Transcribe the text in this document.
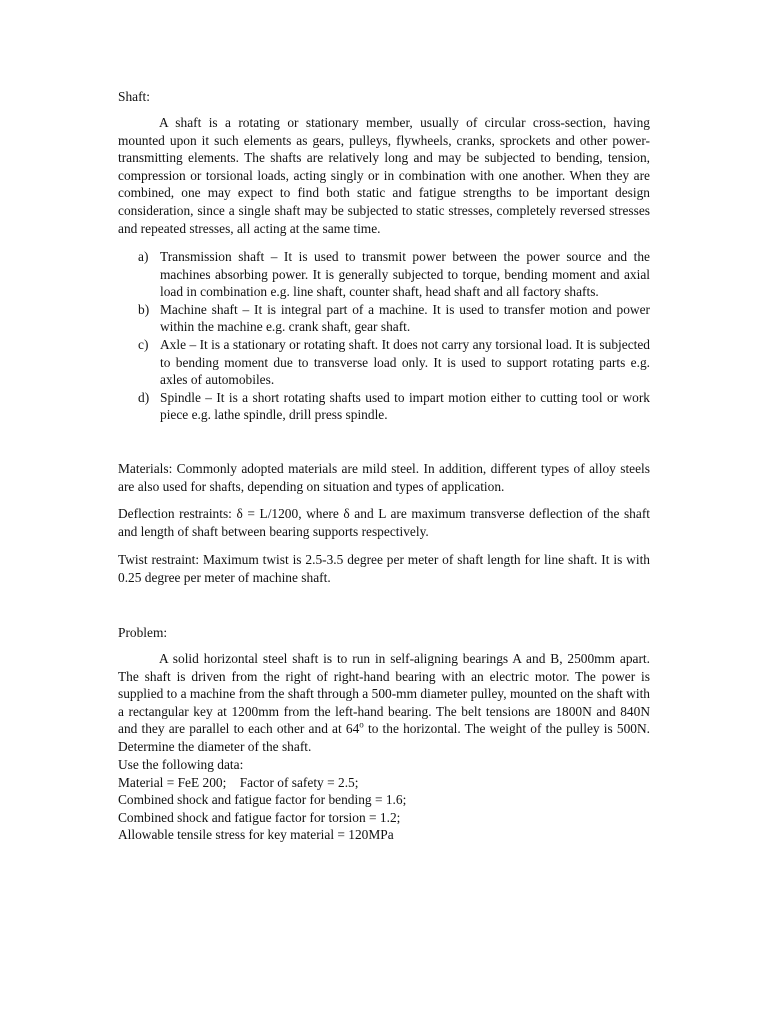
Shaft:

A shaft is a rotating or stationary member, usually of circular cross-section, having mounted upon it such elements as gears, pulleys, flywheels, cranks, sprockets and other power-transmitting elements. The shafts are relatively long and may be subjected to bending, tension, compression or torsional loads, acting singly or in combination with one another. When they are combined, one may expect to find both static and fatigue strengths to be important design consideration, since a single shaft may be subjected to static stresses, completely reversed stresses and repeated stresses, all acting at the same time.

a) Transmission shaft – It is used to transmit power between the power source and the machines absorbing power. It is generally subjected to torque, bending moment and axial load in combination e.g. line shaft, counter shaft, head shaft and all factory shafts.
b) Machine shaft – It is integral part of a machine. It is used to transfer motion and power within the machine e.g. crank shaft, gear shaft.
c) Axle – It is a stationary or rotating shaft. It does not carry any torsional load. It is subjected to bending moment due to transverse load only. It is used to support rotating parts e.g. axles of automobiles.
d) Spindle – It is a short rotating shafts used to impart motion either to cutting tool or work piece e.g. lathe spindle, drill press spindle.

Materials: Commonly adopted materials are mild steel. In addition, different types of alloy steels are also used for shafts, depending on situation and types of application.

Deflection restraints: δ = L/1200, where δ and L are maximum transverse deflection of the shaft and length of shaft between bearing supports respectively.

Twist restraint: Maximum twist is 2.5-3.5 degree per meter of shaft length for line shaft. It is with 0.25 degree per meter of machine shaft.

Problem:

A solid horizontal steel shaft is to run in self-aligning bearings A and B, 2500mm apart. The shaft is driven from the right of right-hand bearing with an electric motor. The power is supplied to a machine from the shaft through a 500-mm diameter pulley, mounted on the shaft with a rectangular key at 1200mm from the left-hand bearing. The belt tensions are 1800N and 840N and they are parallel to each other and at 64$^o$ to the horizontal. The weight of the pulley is 500N. Determine the diameter of the shaft.

Use the following data:
Material = FeE 200;    Factor of safety = 2.5;
Combined shock and fatigue factor for bending = 1.6;
Combined shock and fatigue factor for torsion = 1.2;
Allowable tensile stress for key material = 120MPa
